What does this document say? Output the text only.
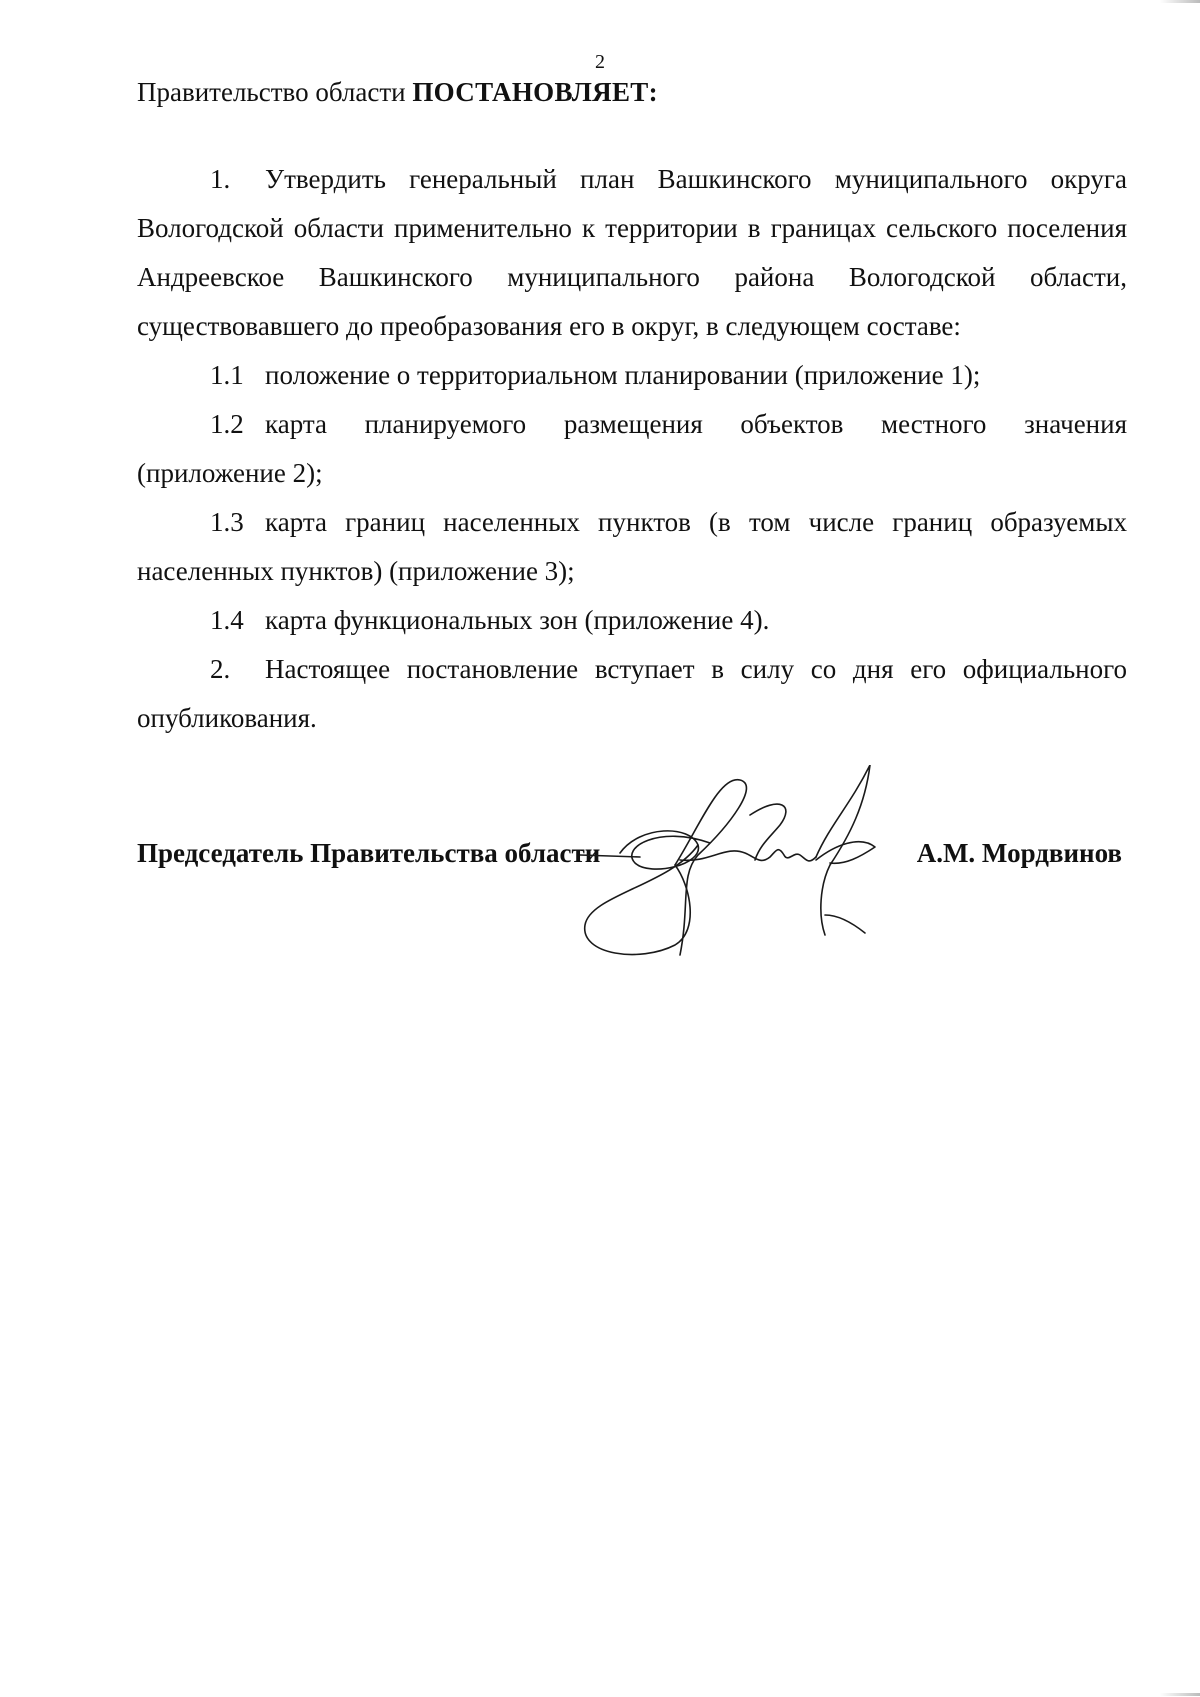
2
Правительство области ПОСТАНОВЛЯЕТ:

1. Утвердить генеральный план Вашкинского муниципального округа Вологодской области применительно к территории в границах сельского поселения Андреевское Вашкинского муниципального района Вологодской области, существовавшего до преобразования его в округ, в следующем составе:

1.1 положение о территориальном планировании (приложение 1);

1.2 карта планируемого размещения объектов местного значения (приложение 2);

1.3 карта границ населенных пунктов (в том числе границ образуемых населенных пунктов) (приложение 3);

1.4 карта функциональных зон (приложение 4).

2. Настоящее постановление вступает в силу со дня его официального опубликования.

Председатель Правительства области	А.М. Мордвинов
